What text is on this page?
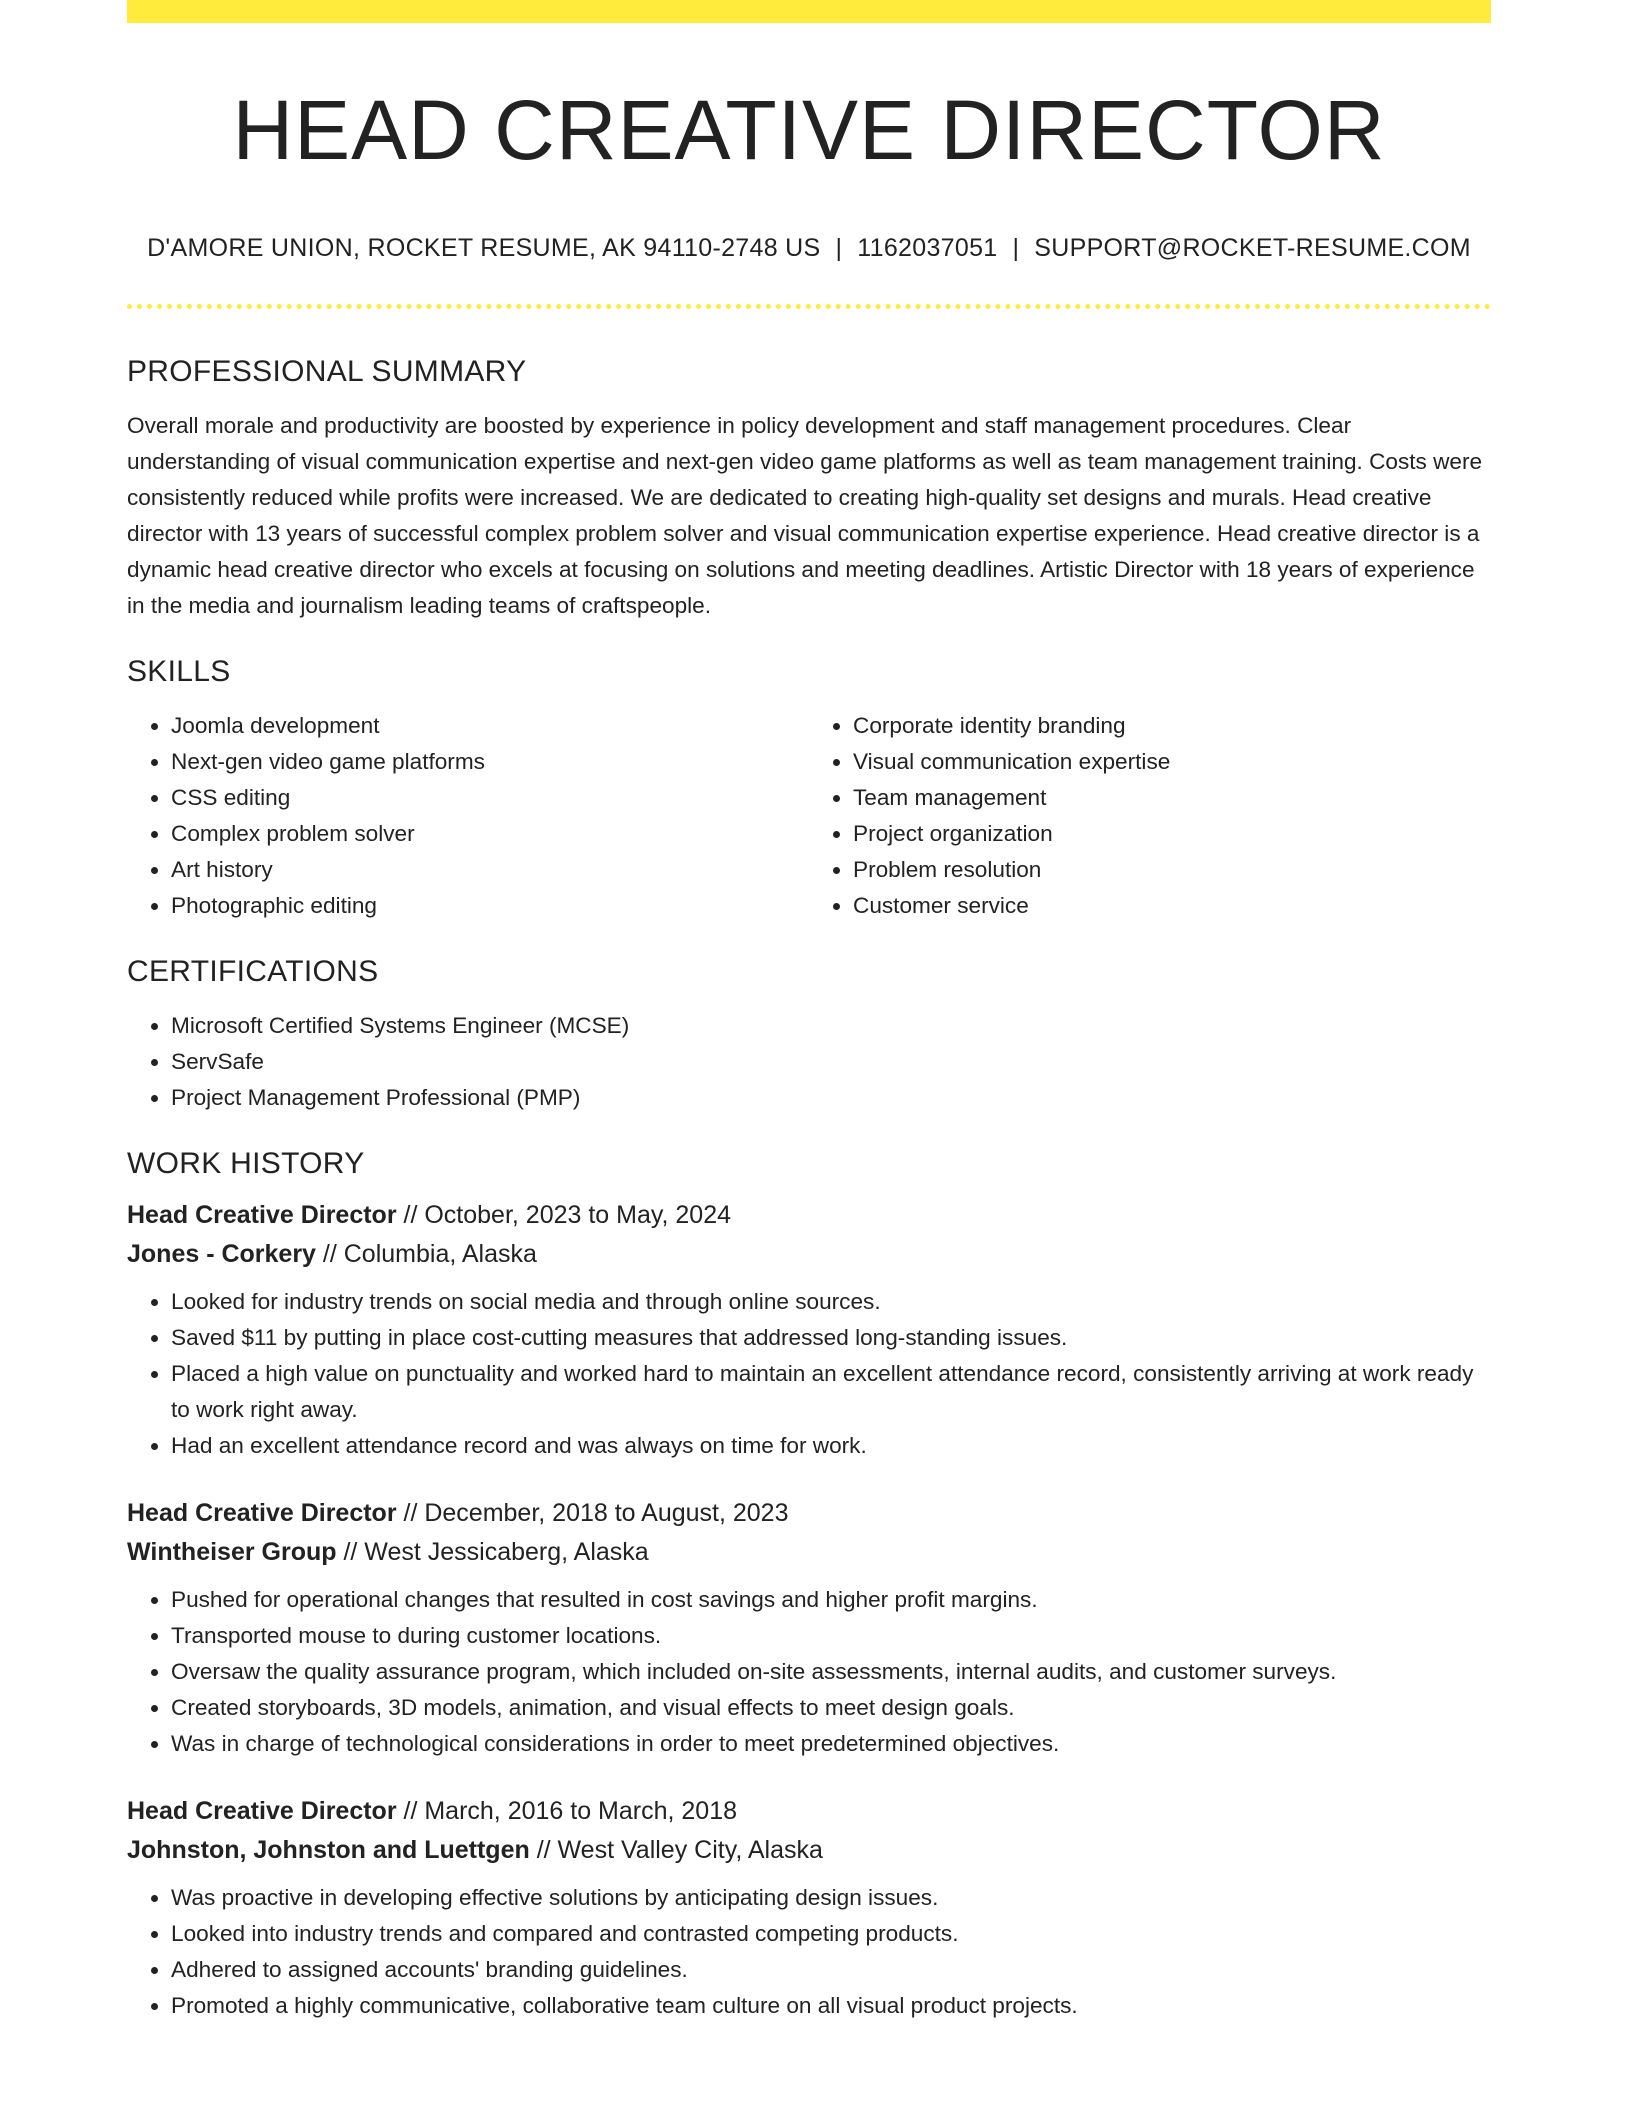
HEAD CREATIVE DIRECTOR
D'AMORE UNION, ROCKET RESUME, AK 94110-2748 US | 1162037051 | SUPPORT@ROCKET-RESUME.COM
PROFESSIONAL SUMMARY

Overall morale and productivity are boosted by experience in policy development and staff management procedures. Clear understanding of visual communication expertise and next-gen video game platforms as well as team management training. Costs were consistently reduced while profits were increased. We are dedicated to creating high-quality set designs and murals. Head creative director with 13 years of successful complex problem solver and visual communication expertise experience. Head creative director is a dynamic head creative director who excels at focusing on solutions and meeting deadlines. Artistic Director with 18 years of experience in the media and journalism leading teams of craftspeople.

SKILLS
• Joomla development
• Next-gen video game platforms
• CSS editing
• Complex problem solver
• Art history
• Photographic editing
• Corporate identity branding
• Visual communication expertise
• Team management
• Project organization
• Problem resolution
• Customer service
CERTIFICATIONS
• Microsoft Certified Systems Engineer (MCSE)
• ServSafe
• Project Management Professional (PMP)
WORK HISTORY
Head Creative Director // October, 2023 to May, 2024
Jones - Corkery // Columbia, Alaska
• Looked for industry trends on social media and through online sources.
• Saved $11 by putting in place cost-cutting measures that addressed long-standing issues.
• Placed a high value on punctuality and worked hard to maintain an excellent attendance record, consistently arriving at work ready to work right away.
• Had an excellent attendance record and was always on time for work.
Head Creative Director // December, 2018 to August, 2023
Wintheiser Group // West Jessicaberg, Alaska
• Pushed for operational changes that resulted in cost savings and higher profit margins.
• Transported mouse to during customer locations.
• Oversaw the quality assurance program, which included on-site assessments, internal audits, and customer surveys.
• Created storyboards, 3D models, animation, and visual effects to meet design goals.
• Was in charge of technological considerations in order to meet predetermined objectives.
Head Creative Director // March, 2016 to March, 2018
Johnston, Johnston and Luettgen // West Valley City, Alaska
• Was proactive in developing effective solutions by anticipating design issues.
• Looked into industry trends and compared and contrasted competing products.
• Adhered to assigned accounts' branding guidelines.
• Promoted a highly communicative, collaborative team culture on all visual product projects.
